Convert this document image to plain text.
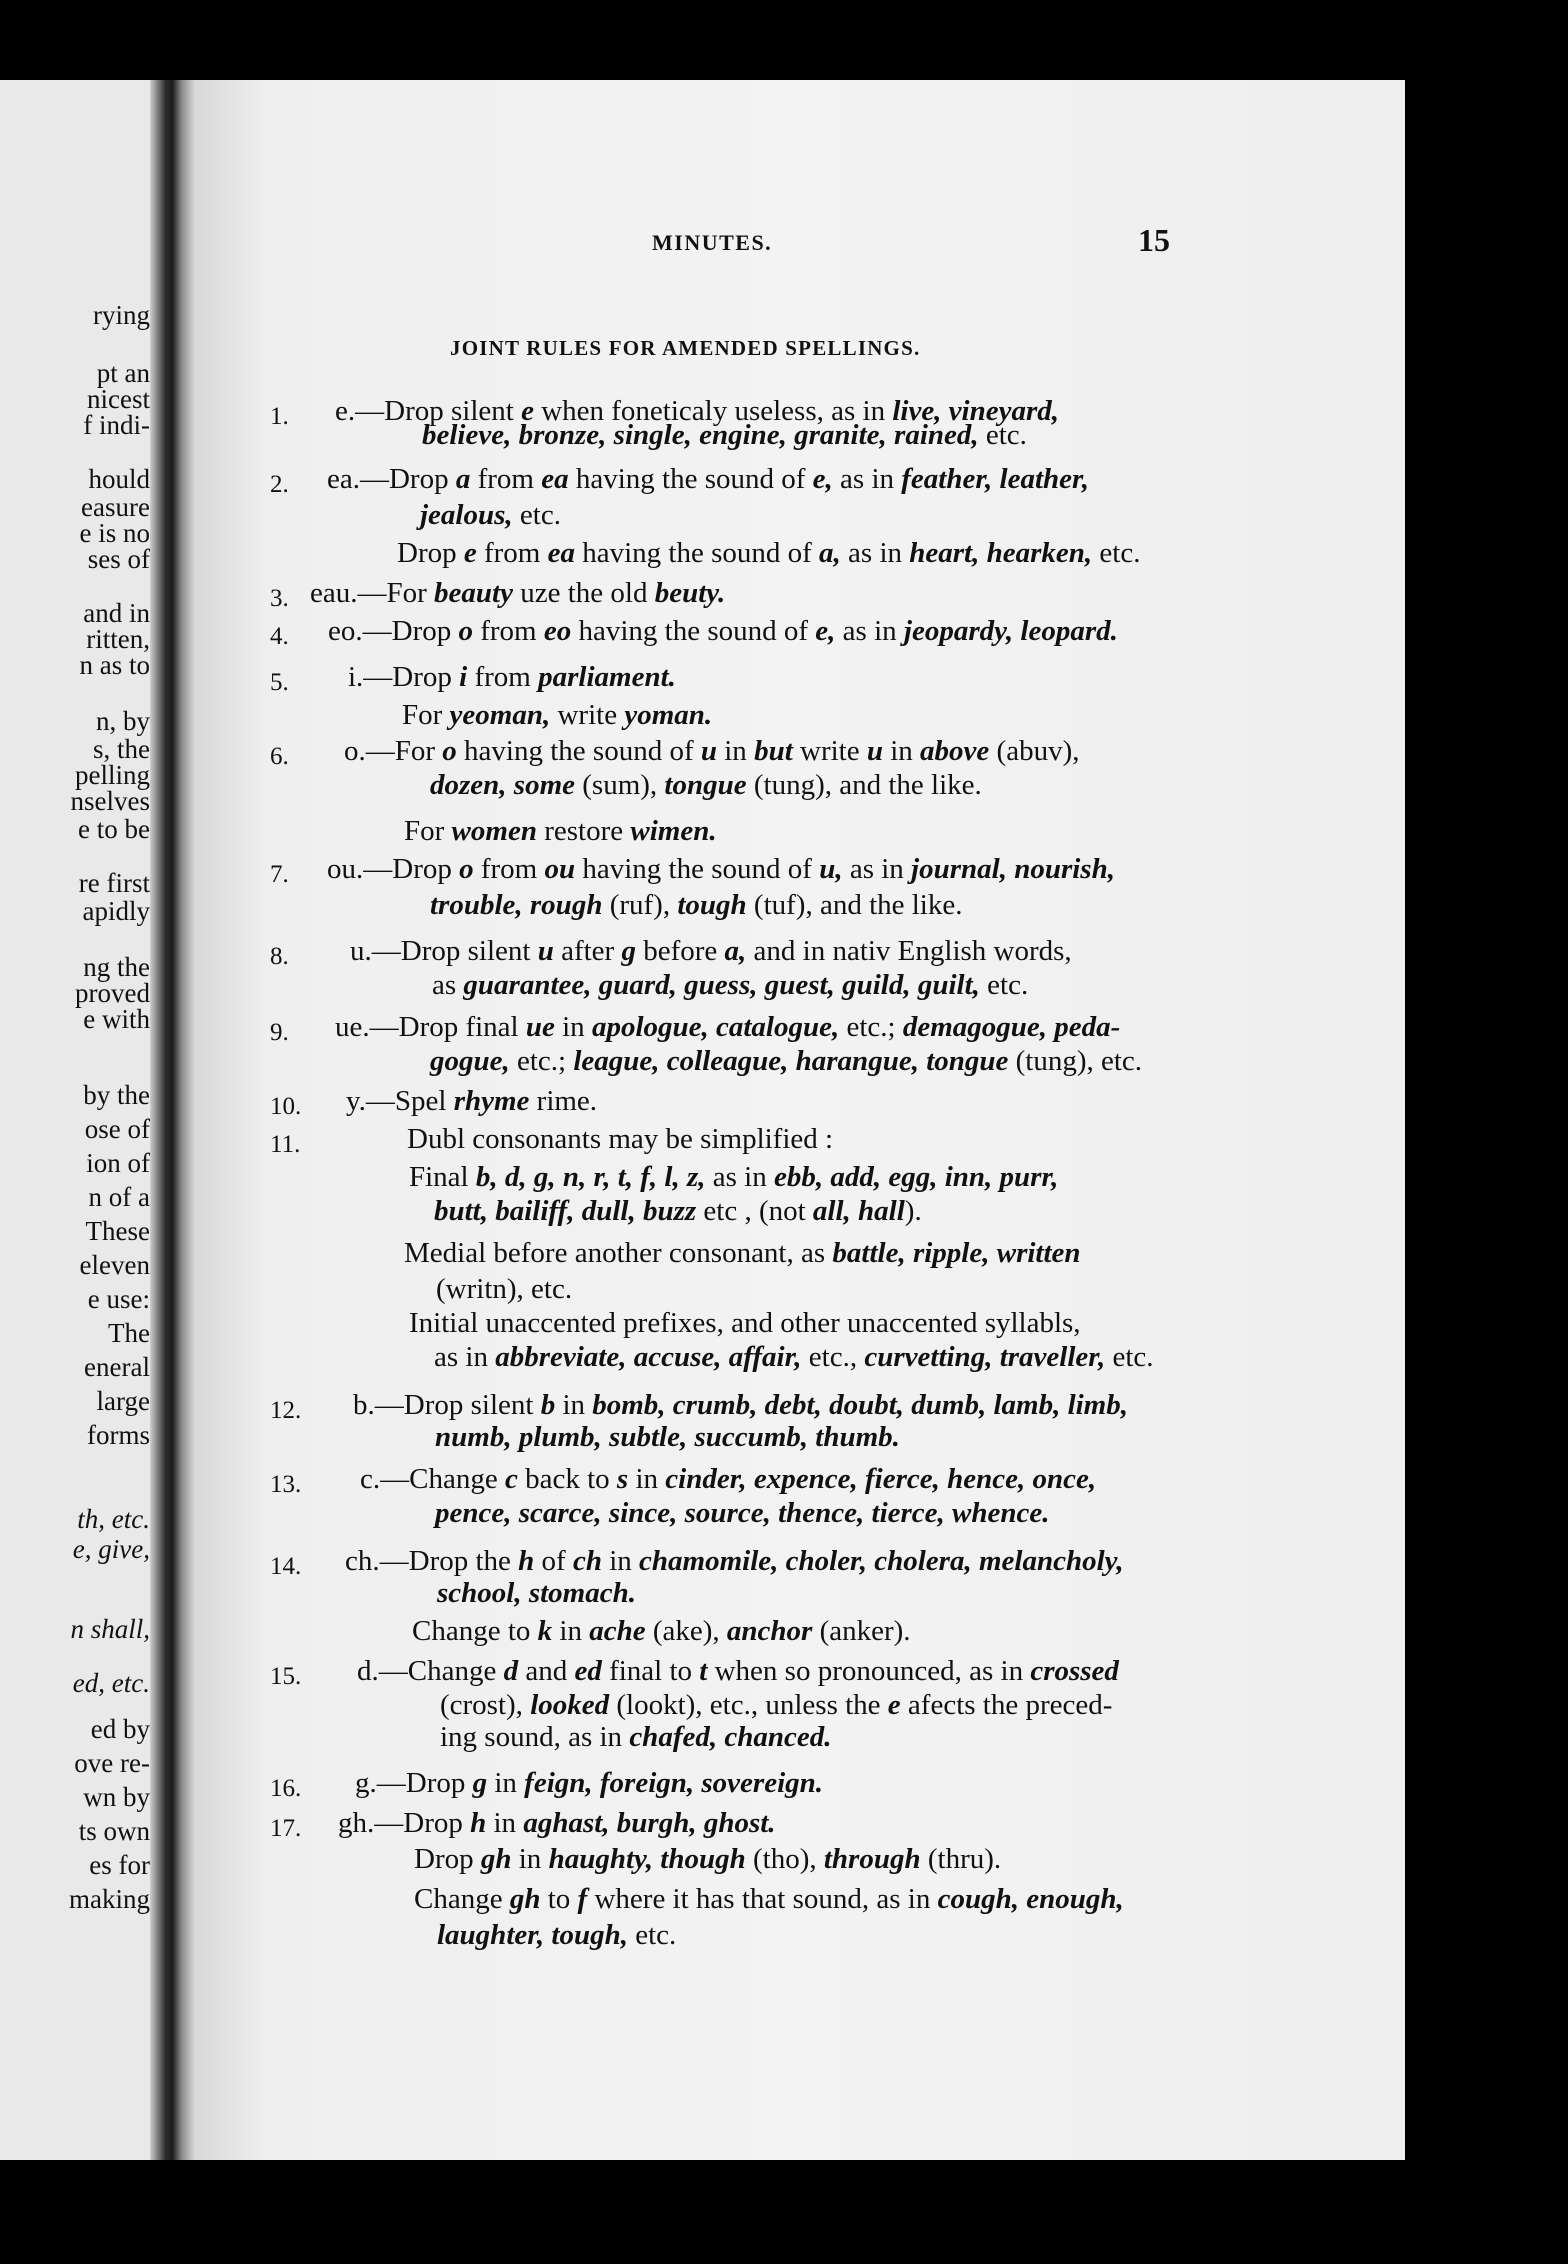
rying
pt an
nicest
f indi-
hould
easure
e is no
ses of
and in
ritten,
n as to
n, by
s, the
pelling
nselves
e to be
re first
apidly
ng the
proved
e with
by the
ose of
ion of
n of a
These
eleven
e use:
The
eneral
large
forms
th, etc.
e, give,
n shall,
ed, etc.
ed by
ove re-
wn by
ts own
es for
making
MINUTES.	15
JOINT RULES FOR AMENDED SPELLINGS.
1. e.—Drop silent e when foneticaly useless, as in live, vineyard,
believe, bronze, single, engine, granite, rained, etc.
2. ea.—Drop a from ea having the sound of e, as in feather, leather,
jealous, etc.
Drop e from ea having the sound of a, as in heart, hearken, etc.
3. eau.—For beauty uze the old beuty.
4. eo.—Drop o from eo having the sound of e, as in jeopardy, leopard.
5. i.—Drop i from parliament.
For yeoman, write yoman.
6. o.—For o having the sound of u in but write u in above (abuv),
dozen, some (sum), tongue (tung), and the like.
For women restore wimen.
7. ou.—Drop o from ou having the sound of u, as in journal, nourish,
trouble, rough (ruf), tough (tuf), and the like.
8. u.—Drop silent u after g before a, and in nativ English words,
as guarantee, guard, guess, guest, guild, guilt, etc.
9. ue.—Drop final ue in apologue, catalogue, etc.; demagogue, peda-
gogue, etc.; league, colleague, harangue, tongue (tung), etc.
10. y.—Spel rhyme rime.
11.	Dubl consonants may be simplified :
Final b, d, g, n, r, t, f, l, z, as in ebb, add, egg, inn, purr,
butt, bailiff, dull, buzz etc , (not all, hall).
Medial before another consonant, as battle, ripple, written
(writn), etc.
Initial unaccented prefixes, and other unaccented syllabls,
as in abbreviate, accuse, affair, etc., curvetting, traveller, etc.
12. b.—Drop silent b in bomb, crumb, debt, doubt, dumb, lamb, limb,
numb, plumb, subtle, succumb, thumb.
13. c.—Change c back to s in cinder, expence, fierce, hence, once,
pence, scarce, since, source, thence, tierce, whence.
14. ch.—Drop the h of ch in chamomile, choler, cholera, melancholy,
school, stomach.
Change to k in ache (ake), anchor (anker).
15. d.—Change d and ed final to t when so pronounced, as in crossed
(crost), looked (lookt), etc., unless the e afects the preced-
ing sound, as in chafed, chanced.
16. g.—Drop g in feign, foreign, sovereign.
17. gh.—Drop h in aghast, burgh, ghost.
Drop gh in haughty, though (tho), through (thru).
Change gh to f where it has that sound, as in cough, enough,
laughter, tough, etc.
